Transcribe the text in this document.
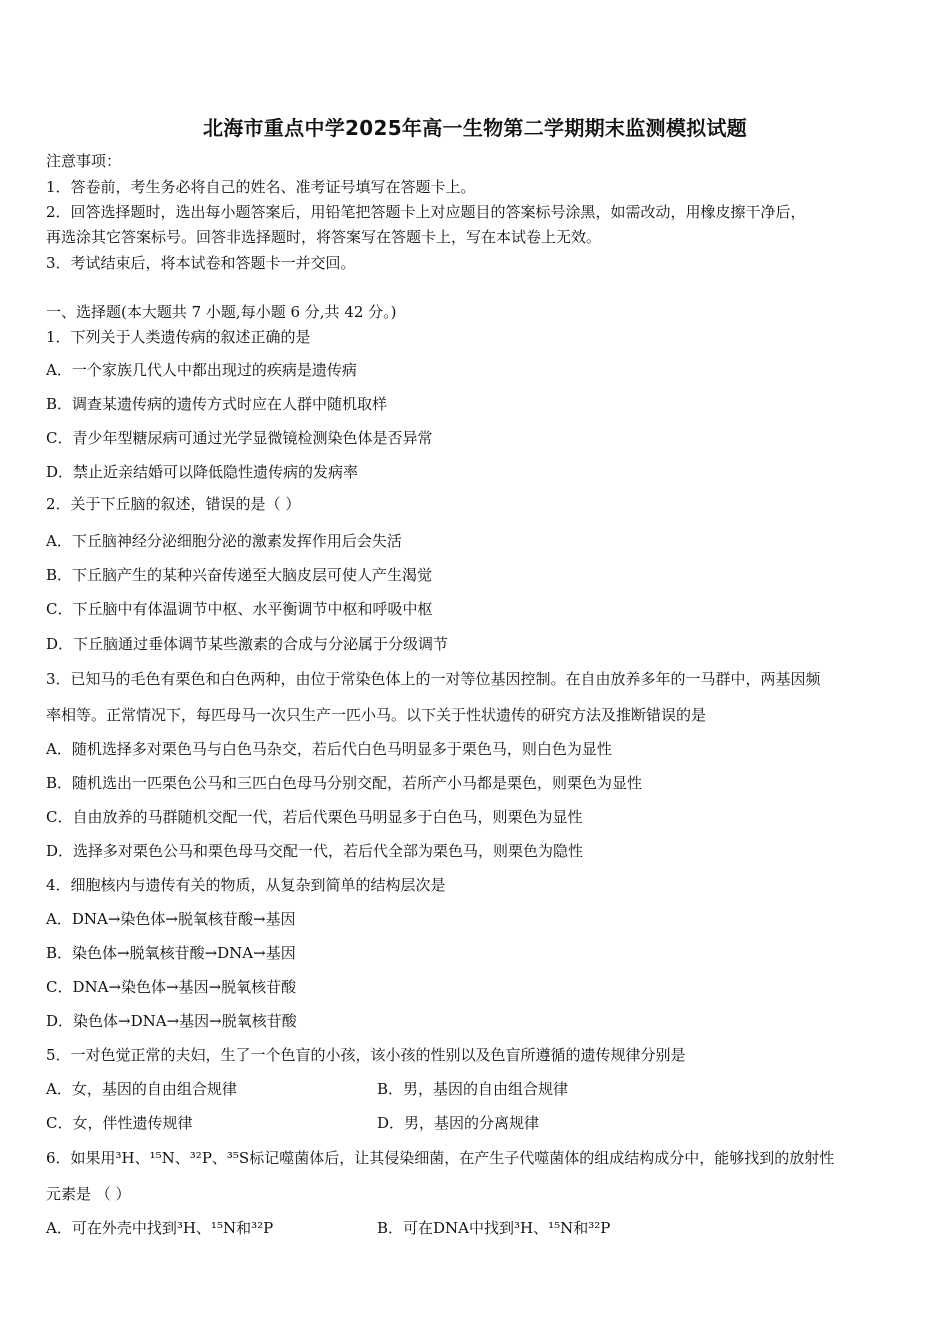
北海市重点中学2025年高一生物第二学期期末监测模拟试题
注意事项：
1．答卷前，考生务必将自己的姓名、准考证号填写在答题卡上。
2．回答选择题时，选出每小题答案后，用铅笔把答题卡上对应题目的答案标号涂黑，如需改动，用橡皮擦干净后，
再选涂其它答案标号。回答非选择题时，将答案写在答题卡上，写在本试卷上无效。
3．考试结束后，将本试卷和答题卡一并交回。
一、选择题(本大题共 7 小题,每小题 6 分,共 42 分。)
1．下列关于人类遗传病的叙述正确的是
A．一个家族几代人中都出现过的疾病是遗传病
B．调查某遗传病的遗传方式时应在人群中随机取样
C．青少年型糖尿病可通过光学显微镜检测染色体是否异常
D．禁止近亲结婚可以降低隐性遗传病的发病率
2．关于下丘脑的叙述，错误的是（ ）
A．下丘脑神经分泌细胞分泌的激素发挥作用后会失活
B．下丘脑产生的某种兴奋传递至大脑皮层可使人产生渴觉
C．下丘脑中有体温调节中枢、水平衡调节中枢和呼吸中枢
D．下丘脑通过垂体调节某些激素的合成与分泌属于分级调节
3．已知马的毛色有栗色和白色两种，由位于常染色体上的一对等位基因控制。在自由放养多年的一马群中，两基因频
率相等。正常情况下，每匹母马一次只生产一匹小马。以下关于性状遗传的研究方法及推断错误的是
A．随机选择多对栗色马与白色马杂交，若后代白色马明显多于栗色马，则白色为显性
B．随机选出一匹栗色公马和三匹白色母马分别交配，若所产小马都是栗色，则栗色为显性
C．自由放养的马群随机交配一代，若后代栗色马明显多于白色马，则栗色为显性
D．选择多对栗色公马和栗色母马交配一代，若后代全部为栗色马，则栗色为隐性
4．细胞核内与遗传有关的物质，从复杂到简单的结构层次是
A．DNA→染色体→脱氧核苷酸→基因
B．染色体→脱氧核苷酸→DNA→基因
C．DNA→染色体→基因→脱氧核苷酸
D．染色体→DNA→基因→脱氧核苷酸
5．一对色觉正常的夫妇，生了一个色盲的小孩，该小孩的性别以及色盲所遵循的遗传规律分别是
A．女，基因的自由组合规律	B．男，基因的自由组合规律
C．女，伴性遗传规律	D．男，基因的分离规律
6．如果用³H、¹⁵N、³²P、³⁵S标记噬菌体后，让其侵染细菌，在产生子代噬菌体的组成结构成分中，能够找到的放射性
元素是 （ ）
A．可在外壳中找到³H、¹⁵N和³²P	B．可在DNA中找到³H、¹⁵N和³²P
